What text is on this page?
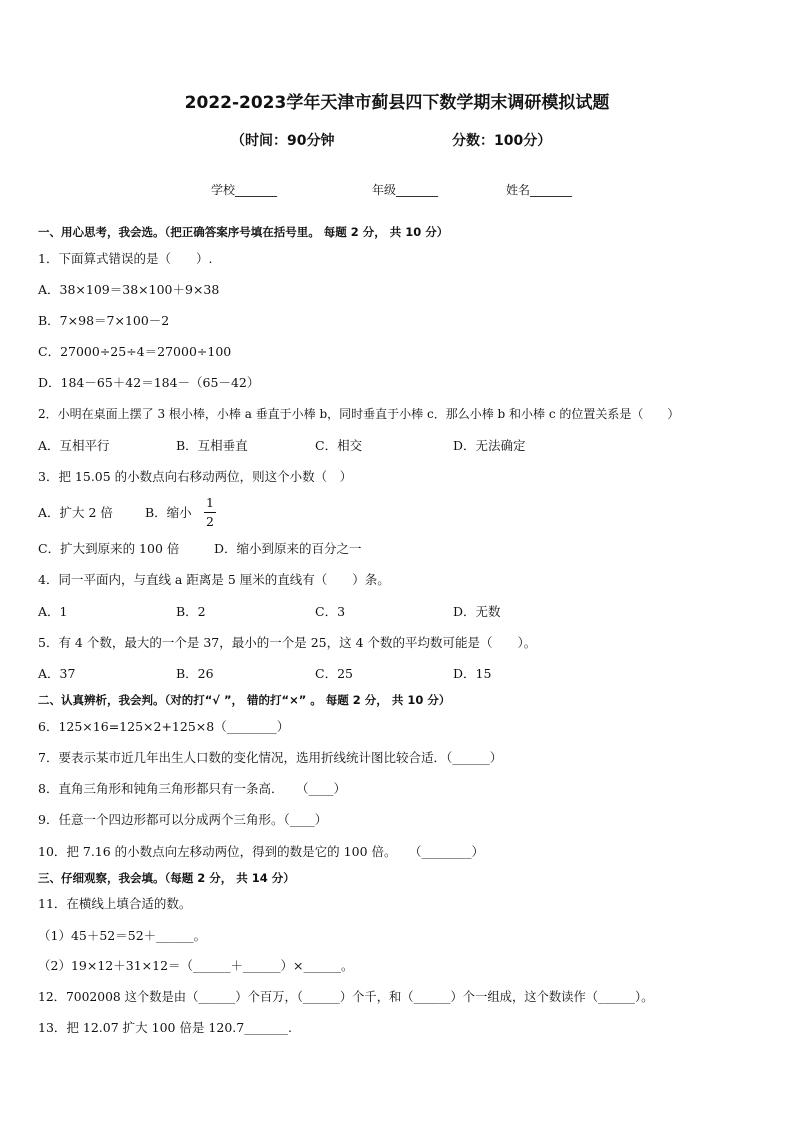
2022-2023学年天津市蓟县四下数学期末调研模拟试题
（时间：90分钟	分数：100分）
学校_______	年级_______	姓名_______
一、用心思考，我会选。（把正确答案序号填在括号里。 每题 2 分， 共 10 分）
1．下面算式错误的是（　　）.
A．38×109＝38×100＋9×38
B．7×98＝7×100－2
C．27000÷25÷4＝27000÷100
D．184－65＋42＝184－（65－42）
2．小明在桌面上摆了 3 根小棒，小棒 a 垂直于小棒 b，同时垂直于小棒 c．那么小棒 b 和小棒 c 的位置关系是（　　）
A．互相平行	B．互相垂直	C．相交	D．无法确定
3．把 15.05 的小数点向右移动两位，则这个小数（　）
A．扩大 2 倍	B．缩小
1
2
C．扩大到原来的 100 倍	D．缩小到原来的百分之一
4．同一平面内，与直线 a 距离是 5 厘米的直线有（　　）条。
A．1	B．2	C．3	D．无数
5．有 4 个数，最大的一个是 37，最小的一个是 25，这 4 个数的平均数可能是（　　）。
A．37	B．26	C．25	D．15
二、认真辨析，我会判。（对的打“√ ”， 错的打“×” 。 每题 2 分， 共 10 分）
6．125×16=125×2+125×8（________）
7．要表示某市近几年出生人口数的变化情况，选用折线统计图比较合适．（______）
8．直角三角形和钝角三角形都只有一条高．　　（____）
9．任意一个四边形都可以分成两个三角形。（____）
10．把 7.16 的小数点向左移动两位，得到的数是它的 100 倍。　　（________）
三、仔细观察，我会填。（每题 2 分， 共 14 分）
11．在横线上填合适的数。
（1）45＋52＝52＋______。
（2）19×12＋31×12＝（______＋______）×______。
12．7002008 这个数是由（______）个百万，（______）个千，和（______）个一组成，这个数读作（______）。
13．把 12.07 扩大 100 倍是 120.7_______.
